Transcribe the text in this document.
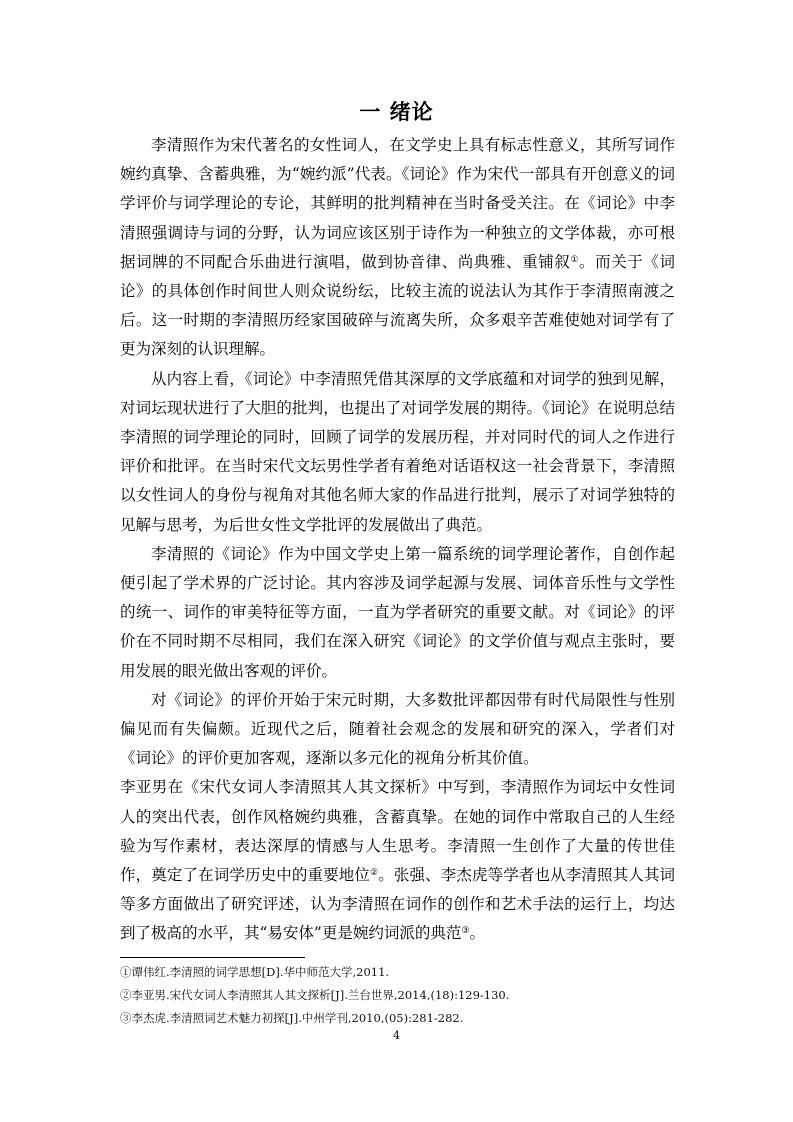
一 绪论

李清照作为宋代著名的女性词人，在文学史上具有标志性意义，其所写词作婉约真挚、含蓄典雅，为“婉约派”代表。《词论》作为宋代一部具有开创意义的词学评价与词学理论的专论，其鲜明的批判精神在当时备受关注。在《词论》中李清照强调诗与词的分野，认为词应该区别于诗作为一种独立的文学体裁，亦可根据词牌的不同配合乐曲进行演唱，做到协音律、尚典雅、重铺叙①。而关于《词论》的具体创作时间世人则众说纷纭，比较主流的说法认为其作于李清照南渡之后。这一时期的李清照历经家国破碎与流离失所，众多艰辛苦难使她对词学有了更为深刻的认识理解。

从内容上看，《词论》中李清照凭借其深厚的文学底蕴和对词学的独到见解，对词坛现状进行了大胆的批判，也提出了对词学发展的期待。《词论》在说明总结李清照的词学理论的同时，回顾了词学的发展历程，并对同时代的词人之作进行评价和批评。在当时宋代文坛男性学者有着绝对话语权这一社会背景下，李清照以女性词人的身份与视角对其他名师大家的作品进行批判，展示了对词学独特的见解与思考，为后世女性文学批评的发展做出了典范。

李清照的《词论》作为中国文学史上第一篇系统的词学理论著作，自创作起便引起了学术界的广泛讨论。其内容涉及词学起源与发展、词体音乐性与文学性的统一、词作的审美特征等方面，一直为学者研究的重要文献。对《词论》的评价在不同时期不尽相同，我们在深入研究《词论》的文学价值与观点主张时，要用发展的眼光做出客观的评价。

对《词论》的评价开始于宋元时期，大多数批评都因带有时代局限性与性别偏见而有失偏颇。近现代之后，随着社会观念的发展和研究的深入，学者们对《词论》的评价更加客观，逐渐以多元化的视角分析其价值。

李亚男在《宋代女词人李清照其人其文探析》中写到，李清照作为词坛中女性词人的突出代表，创作风格婉约典雅，含蓄真挚。在她的词作中常取自己的人生经验为写作素材，表达深厚的情感与人生思考。李清照一生创作了大量的传世佳作，奠定了在词学历史中的重要地位②。张强、李杰虎等学者也从李清照其人其词等多方面做出了研究评述，认为李清照在词作的创作和艺术手法的运行上，均达到了极高的水平，其“易安体”更是婉约词派的典范③。

①谭伟红.李清照的词学思想[D].华中师范大学,2011.
②李亚男.宋代女词人李清照其人其文探析[J].兰台世界,2014,(18):129-130.
③李杰虎.李清照词艺术魅力初探[J].中州学刊,2010,(05):281-282.
4
